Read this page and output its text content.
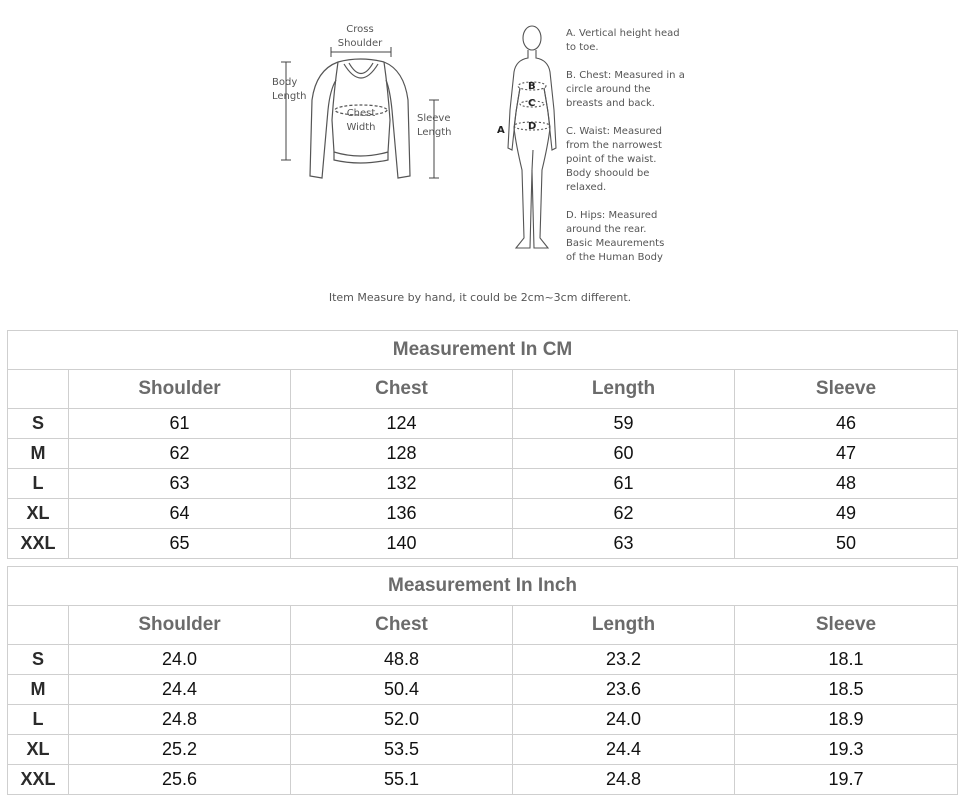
Cross
Shoulder
Body
Length
Chest
Width
Sleeve
Length	A
B
C
D
A. Vertical height head
to toe.
B. Chest: Measured in a
circle around the
breasts and back.
C. Waist: Measured
from the narrowest
point of the waist.
Body shoould be
relaxed.
D. Hips: Measured
around the rear.
Basic Meaurements
of the Human Body
Item Measure by hand, it could be 2cm~3cm different.
Measurement In CM				
	Shoulder	Chest	Length	Sleeve
S	61	124	59	46
M	62	128	60	47
L	63	132	61	48
XL	64	136	62	49
XXL	65	140	63	50
Measurement In Inch				
	Shoulder	Chest	Length	Sleeve
S	24.0	48.8	23.2	18.1
M	24.4	50.4	23.6	18.5
L	24.8	52.0	24.0	18.9
XL	25.2	53.5	24.4	19.3
XXL	25.6	55.1	24.8	19.7
